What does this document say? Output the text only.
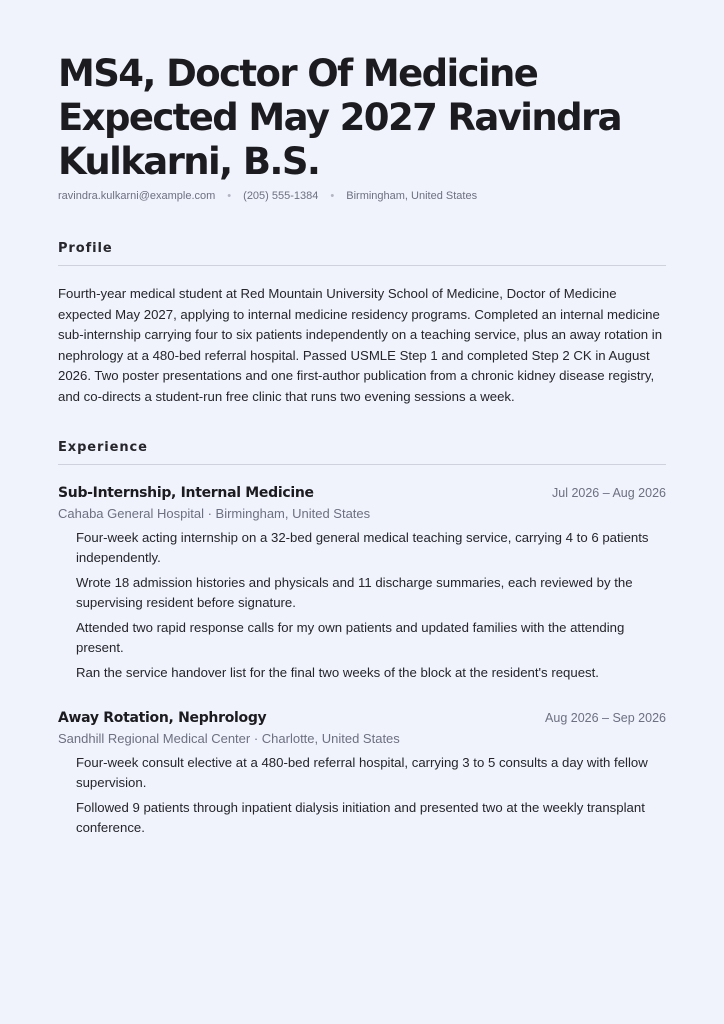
MS4, Doctor Of Medicine Expected May 2027 Ravindra Kulkarni, B.S.
ravindra.kulkarni@example.com • (205) 555-1384 • Birmingham, United States
Profile

Fourth-year medical student at Red Mountain University School of Medicine, Doctor of Medicine expected May 2027, applying to internal medicine residency programs. Completed an internal medicine sub-internship carrying four to six patients independently on a teaching service, plus an away rotation in nephrology at a 480-bed referral hospital. Passed USMLE Step 1 and completed Step 2 CK in August 2026. Two poster presentations and one first-author publication from a chronic kidney disease registry, and co-directs a student-run free clinic that runs two evening sessions a week.

Experience
Sub-Internship, Internal Medicine	Jul 2026 – Aug 2026
Cahaba General Hospital · Birmingham, United States
Four-week acting internship on a 32-bed general medical teaching service, carrying 4 to 6 patients independently.
Wrote 18 admission histories and physicals and 11 discharge summaries, each reviewed by the supervising resident before signature.
Attended two rapid response calls for my own patients and updated families with the attending present.
Ran the service handover list for the final two weeks of the block at the resident's request.
Away Rotation, Nephrology	Aug 2026 – Sep 2026
Sandhill Regional Medical Center · Charlotte, United States
Four-week consult elective at a 480-bed referral hospital, carrying 3 to 5 consults a day with fellow supervision.
Followed 9 patients through inpatient dialysis initiation and presented two at the weekly transplant conference.
